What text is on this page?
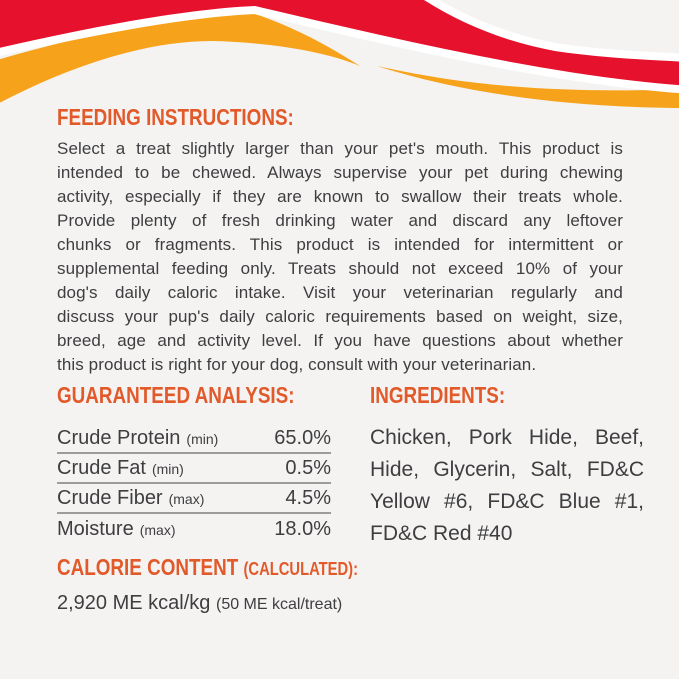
FEEDING INSTRUCTIONS:
Select a treat slightly larger than your pet's mouth. This product is
intended to be chewed. Always supervise your pet during chewing
activity, especially if they are known to swallow their treats whole.
Provide plenty of fresh drinking water and discard any leftover
chunks or fragments. This product is intended for intermittent or
supplemental feeding only. Treats should not exceed 10% of your
dog's daily caloric intake. Visit your veterinarian regularly and
discuss your pup's daily caloric requirements based on weight, size,
breed, age and activity level. If you have questions about whether
this product is right for your dog, consult with your veterinarian.
GUARANTEED ANALYSIS:
Crude Protein (min)	65.0%
Crude Fat (min)	0.5%
Crude Fiber (max)	4.5%
Moisture (max)	18.0%
INGREDIENTS:
Chicken, Pork Hide, Beef,
Hide, Glycerin, Salt, FD&C
Yellow #6, FD&C Blue #1,
FD&C Red #40
CALORIE CONTENT (CALCULATED):
2,920 ME kcal/kg (50 ME kcal/treat)
